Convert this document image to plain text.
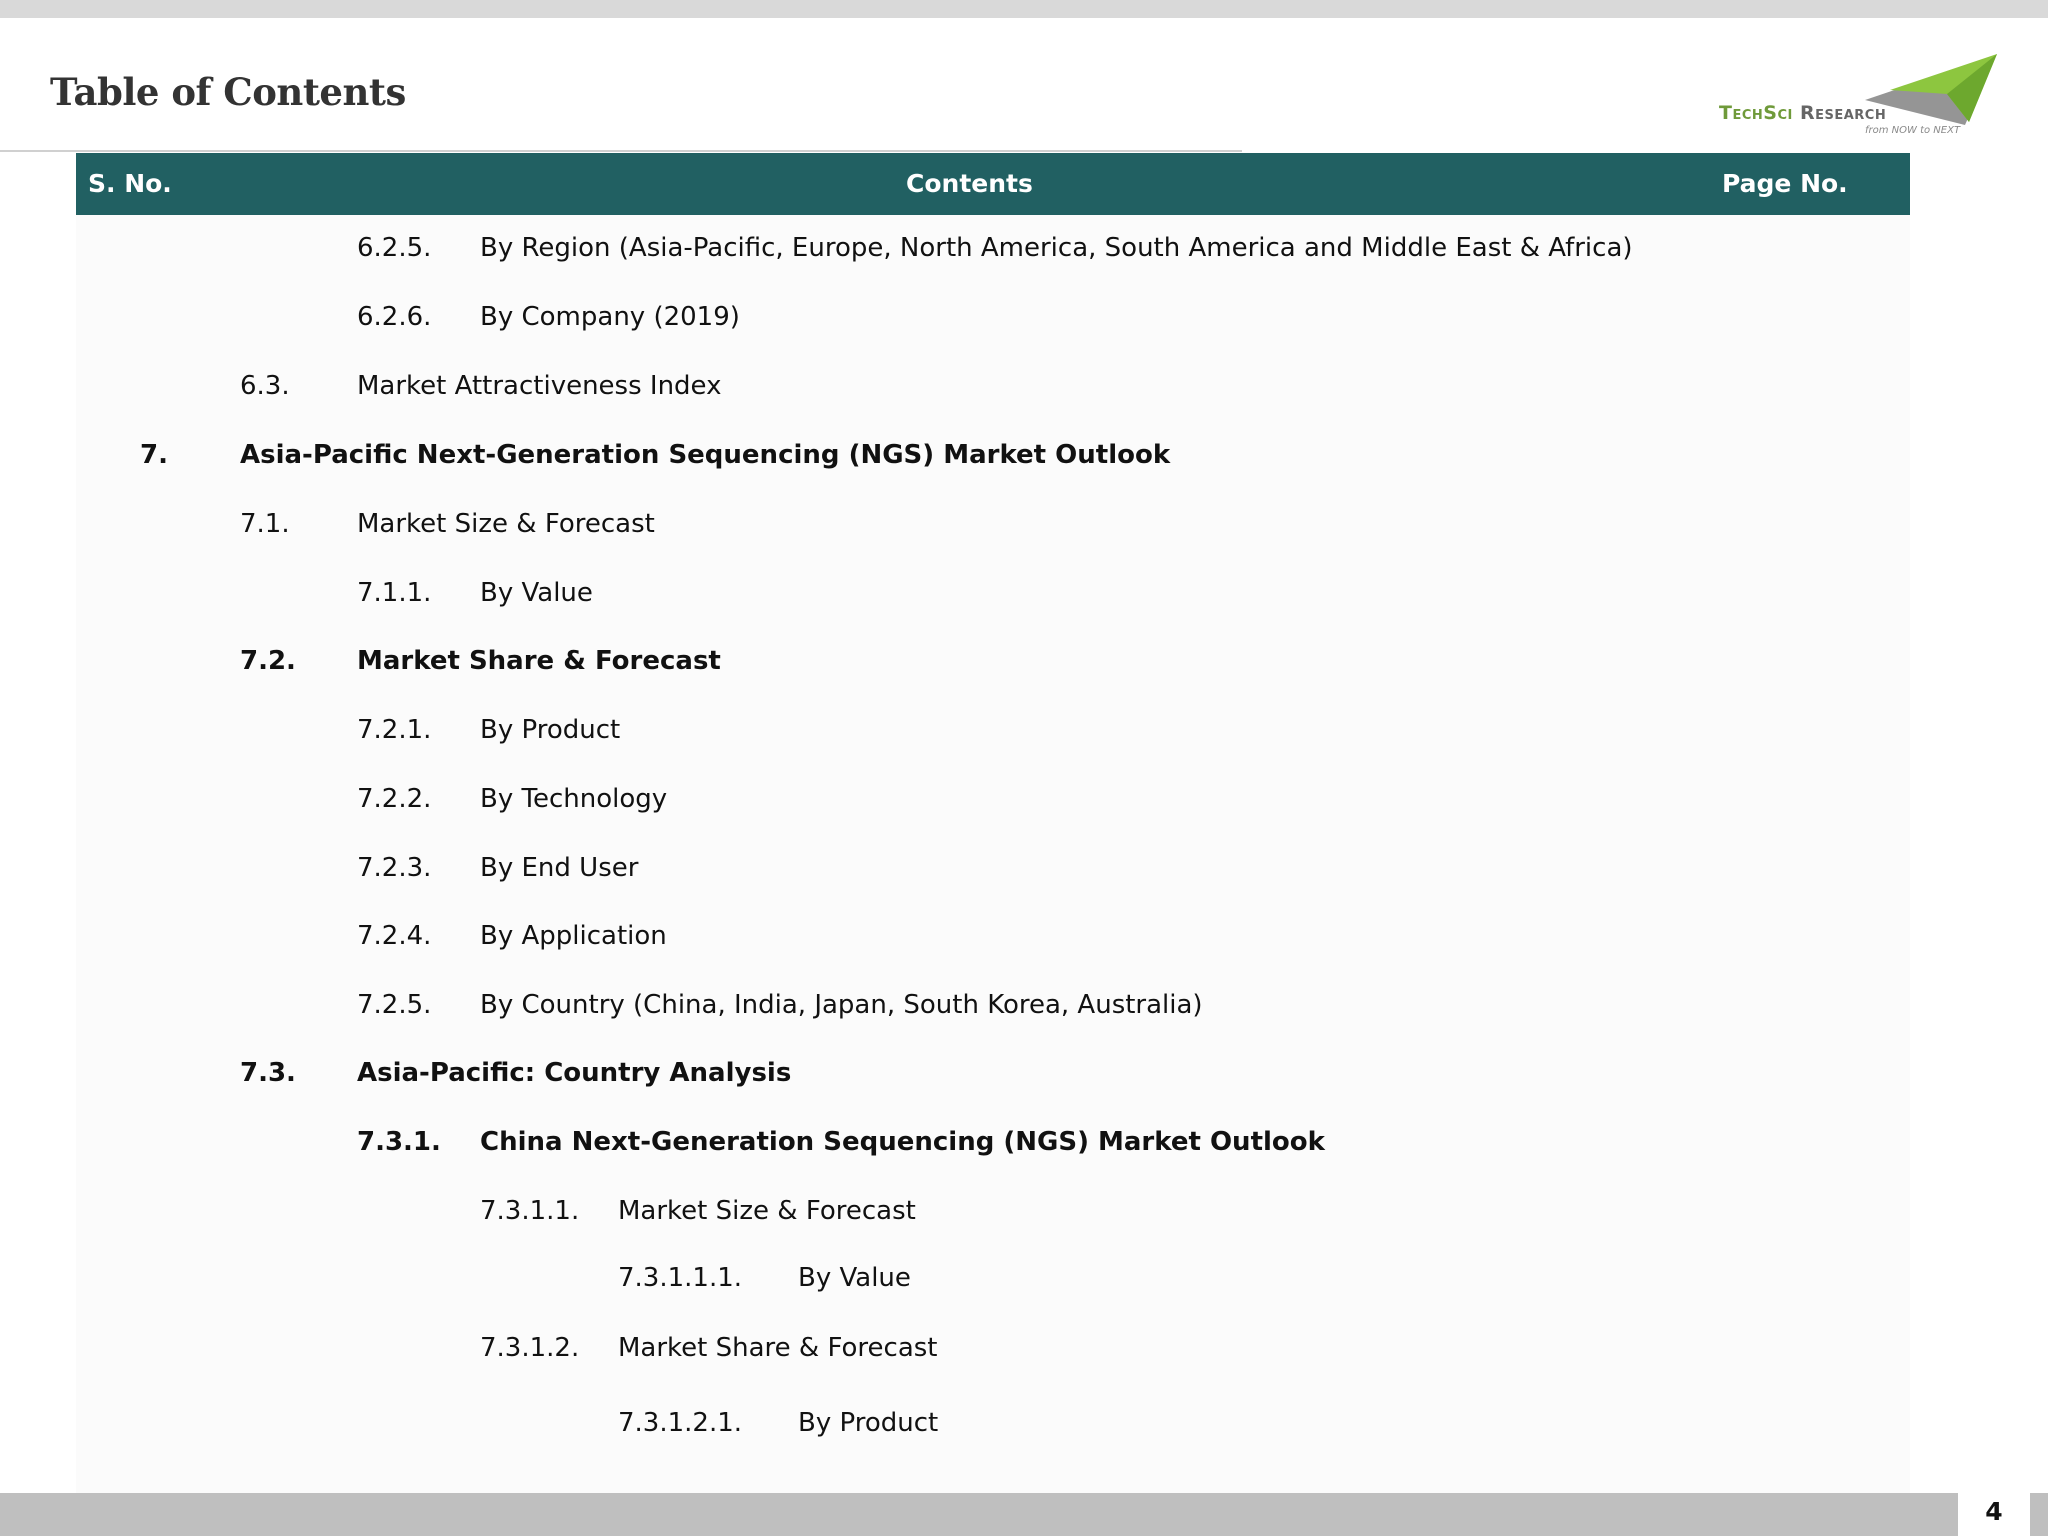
Table of Contents	TechSci Research
from NOW to NEXT
S. No.	Contents	Page No.
6.2.5. By Region (Asia-Pacific, Europe, North America, South America and Middle East & Africa)
6.2.6. By Company (2019)
6.3.	Market Attractiveness Index
7.	Asia-Pacific Next-Generation Sequencing (NGS) Market Outlook
7.1.	Market Size & Forecast
7.1.1. By Value
7.2. Market Share & Forecast
7.2.1. By Product
7.2.2. By Technology
7.2.3. By End User
7.2.4. By Application
7.2.5. By Country (China, India, Japan, South Korea, Australia)
7.3. Asia-Pacific: Country Analysis
7.3.1. China Next-Generation Sequencing (NGS) Market Outlook
7.3.1.1. Market Size & Forecast
7.3.1.1.1. By Value
7.3.1.2. Market Share & Forecast
7.3.1.2.1. By Product
4
